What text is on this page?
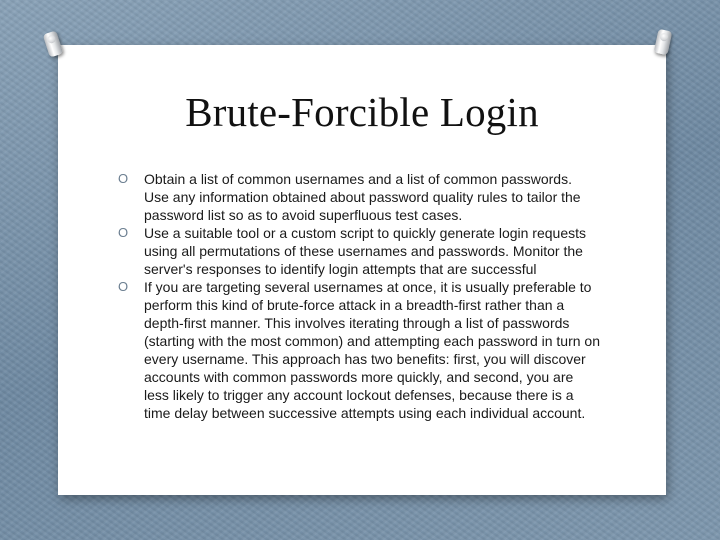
Brute-Forcible Login
O Obtain a list of common usernames and a list of common passwords. Use any information obtained about password quality rules to tailor the password list so as to avoid superfluous test cases.
O Use a suitable tool or a custom script to quickly generate login requests using all permutations of these usernames and passwords. Monitor the server's responses to identify login attempts that are successful
O If you are targeting several usernames at once, it is usually preferable to perform this kind of brute-force attack in a breadth-first rather than a depth-first manner. This involves iterating through a list of passwords (starting with the most common) and attempting each password in turn on every username. This approach has two benefits: first, you will discover accounts with common passwords more quickly, and second, you are less likely to trigger any account lockout defenses, because there is a time delay between successive attempts using each individual account.
